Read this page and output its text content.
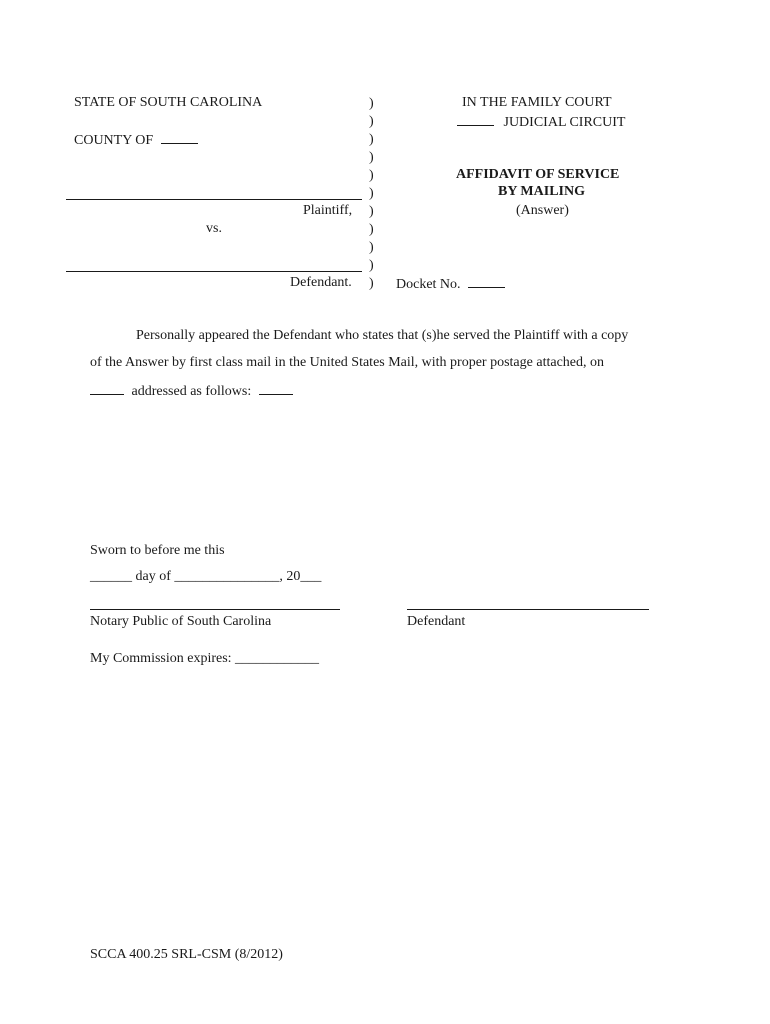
STATE OF SOUTH CAROLINA
COUNTY OF
Plaintiff,
vs.
Defendant.
)
)
)
)
)
)
)
)
)
)
)
IN THE FAMILY COURT
JUDICIAL CIRCUIT
AFFIDAVIT OF SERVICE
BY MAILING
(Answer)
Docket No.
Personally appeared the Defendant who states that (s)he served the Plaintiff with a copy
of the Answer by first class mail in the United States Mail, with proper postage attached, on
addressed as follows:
Sworn to before me this
______ day of _______________, 20___
Notary Public of South Carolina	Defendant
My Commission expires: ____________
SCCA 400.25 SRL-CSM (8/2012)
